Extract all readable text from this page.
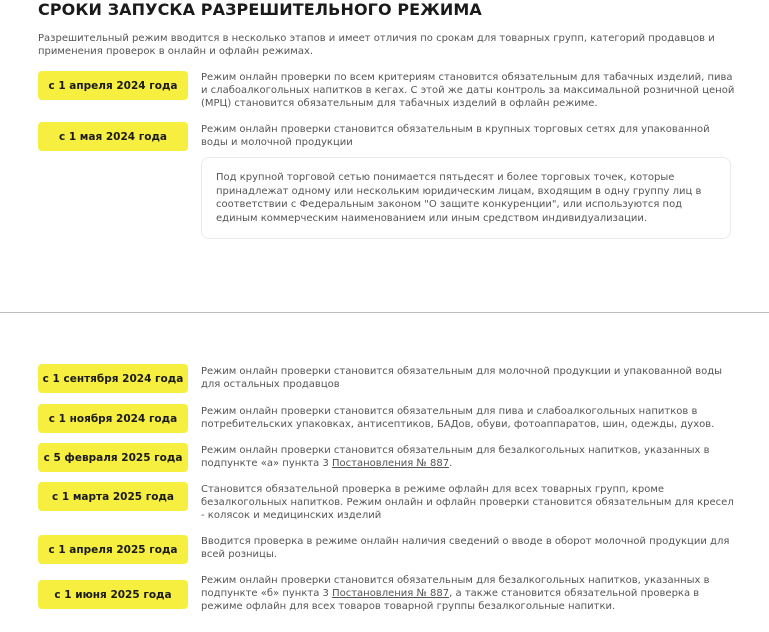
СРОКИ ЗАПУСКА РАЗРЕШИТЕЛЬНОГО РЕЖИМА

Разрешительный режим вводится в несколько этапов и имеет отличия по срокам для товарных групп, категорий продавцов и применения проверок в онлайн и офлайн режимах.

с 1 апреля 2024 года

Режим онлайн проверки по всем критериям становится обязательным для табачных изделий, пива и слабоалкогольных напитков в кегах. С этой же даты контроль за максимальной розничной ценой (МРЦ) становится обязательным для табачных изделий в офлайн режиме.

с 1 мая 2024 года

Режим онлайн проверки становится обязательным в крупных торговых сетях для упакованной воды и молочной продукции

Под крупной торговой сетью понимается пятьдесят и более торговых точек, которые принадлежат одному или нескольким юридическим лицам, входящим в одну группу лиц в соответствии с Федеральным законом "О защите конкуренции", или используются под единым коммерческим наименованием или иным средством индивидуализации.
с 1 сентября 2024 года

Режим онлайн проверки становится обязательным для молочной продукции и упакованной воды для остальных продавцов

с 1 ноября 2024 года

Режим онлайн проверки становится обязательным для пива и слабоалкогольных напитков в потребительских упаковках, антисептиков, БАДов, обуви, фотоаппаратов, шин, одежды, духов.

с 5 февраля 2025 года

Режим онлайн проверки становится обязательным для безалкогольных напитков, указанных в подпункте «а» пункта 3 Постановления № 887.

с 1 марта 2025 года

Становится обязательной проверка в режиме офлайн для всех товарных групп, кроме безалкогольных напитков. Режим онлайн и офлайн проверки становится обязательным для кресел - колясок и медицинских изделий

с 1 апреля 2025 года

Вводится проверка в режиме онлайн наличия сведений о вводе в оборот молочной продукции для всей розницы.

с 1 июня 2025 года

Режим онлайн проверки становится обязательным для безалкогольных напитков, указанных в подпункте «б» пункта 3 Постановления № 887, а также становится обязательной проверка в режиме офлайн для всех товаров товарной группы безалкогольные напитки.
